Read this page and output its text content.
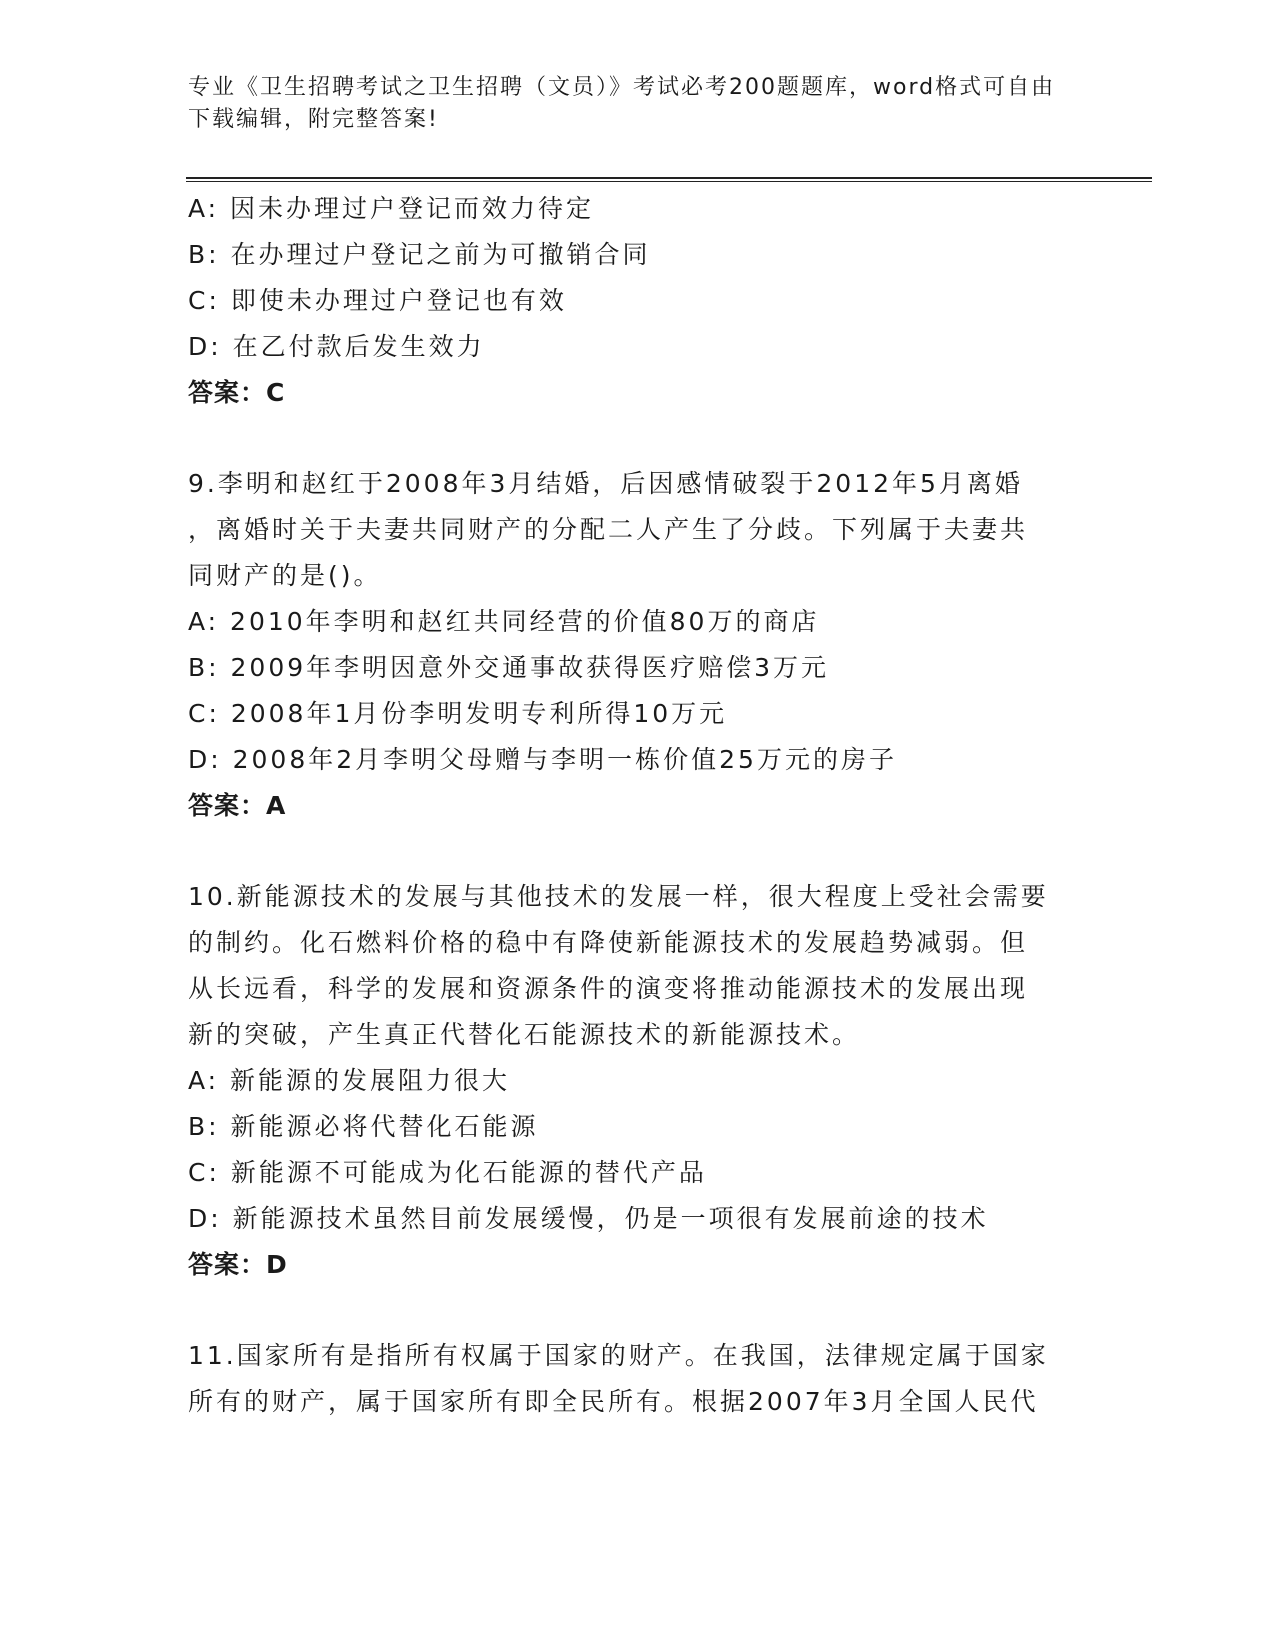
专业《卫生招聘考试之卫生招聘（文员）》考试必考200题题库，word格式可自由下载编辑，附完整答案!
A: 因未办理过户登记而效力待定
B: 在办理过户登记之前为可撤销合同
C: 即使未办理过户登记也有效
D: 在乙付款后发生效力
答案：C
9.李明和赵红于2008年3月结婚，后因感情破裂于2012年5月离婚
，离婚时关于夫妻共同财产的分配二人产生了分歧。下列属于夫妻共
同财产的是()。
A: 2010年李明和赵红共同经营的价值80万的商店
B: 2009年李明因意外交通事故获得医疗赔偿3万元
C: 2008年1月份李明发明专利所得10万元
D: 2008年2月李明父母赠与李明一栋价值25万元的房子
答案：A
10.新能源技术的发展与其他技术的发展一样，很大程度上受社会需要
的制约。化石燃料价格的稳中有降使新能源技术的发展趋势减弱。但
从长远看，科学的发展和资源条件的演变将推动能源技术的发展出现
新的突破，产生真正代替化石能源技术的新能源技术。
A: 新能源的发展阻力很大
B: 新能源必将代替化石能源
C: 新能源不可能成为化石能源的替代产品
D: 新能源技术虽然目前发展缓慢，仍是一项很有发展前途的技术
答案：D
11.国家所有是指所有权属于国家的财产。在我国，法律规定属于国家
所有的财产，属于国家所有即全民所有。根据2007年3月全国人民代
